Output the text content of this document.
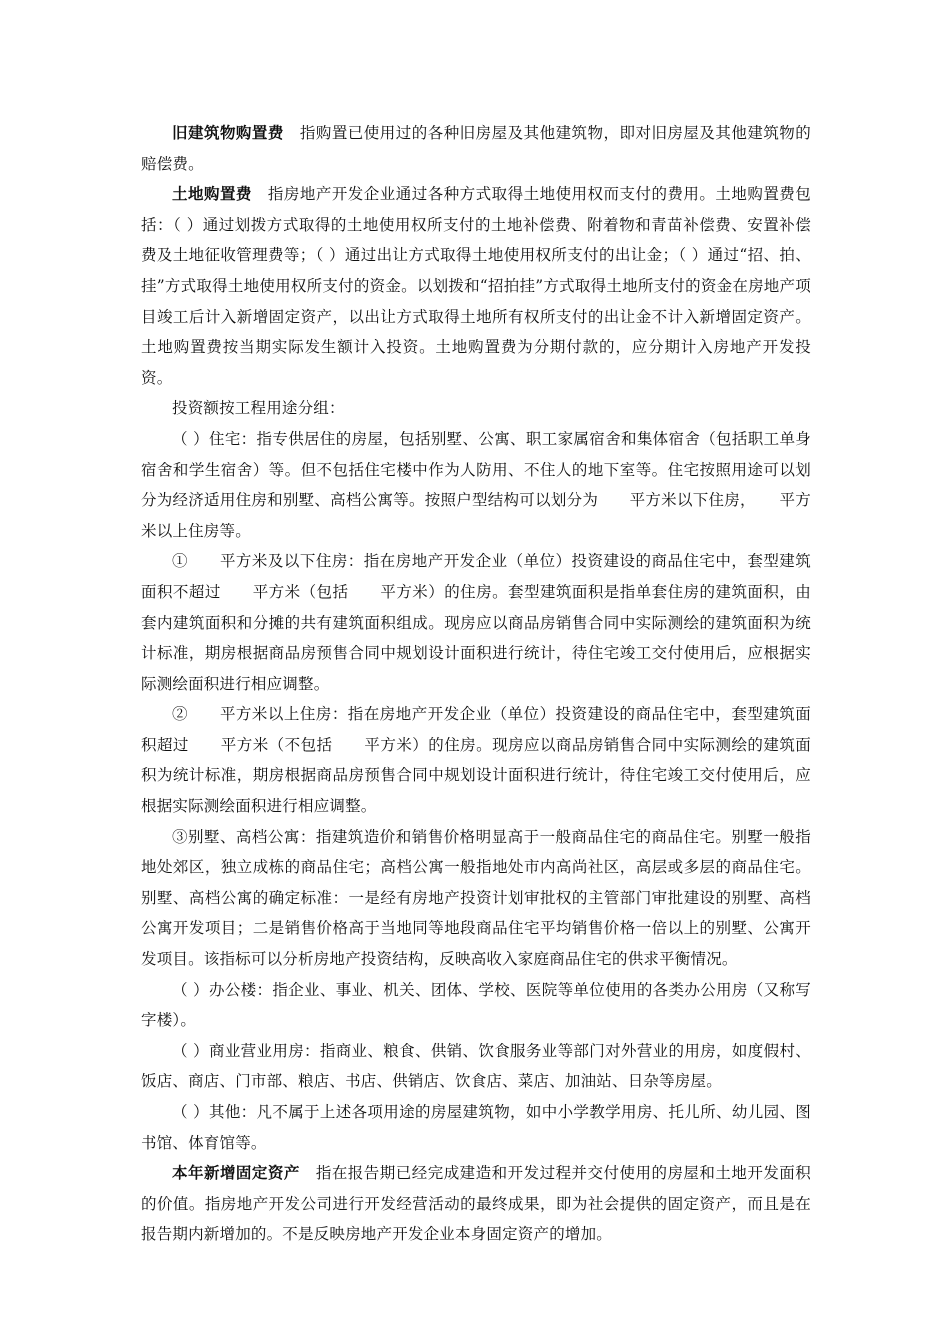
旧建筑物购置费　指购置已使用过的各种旧房屋及其他建筑物，即对旧房屋及其他建筑物的赔偿费。

土地购置费　指房地产开发企业通过各种方式取得土地使用权而支付的费用。土地购置费包括：（ ）通过划拨方式取得的土地使用权所支付的土地补偿费、附着物和青苗补偿费、安置补偿费及土地征收管理费等；（ ）通过出让方式取得土地使用权所支付的出让金；（ ）通过“招、拍、挂”方式取得土地使用权所支付的资金。以划拨和“招拍挂”方式取得土地所支付的资金在房地产项目竣工后计入新增固定资产，以出让方式取得土地所有权所支付的出让金不计入新增固定资产。土地购置费按当期实际发生额计入投资。土地购置费为分期付款的，应分期计入房地产开发投资。

投资额按工程用途分组：

（ ）住宅：指专供居住的房屋，包括别墅、公寓、职工家属宿舍和集体宿舍（包括职工单身宿舍和学生宿舍）等。但不包括住宅楼中作为人防用、不住人的地下室等。住宅按照用途可以划分为经济适用住房和别墅、高档公寓等。按照户型结构可以划分为　　平方米以下住房，　　平方米以上住房等。

①　　平方米及以下住房：指在房地产开发企业（单位）投资建设的商品住宅中，套型建筑面积不超过　　平方米（包括　　平方米）的住房。套型建筑面积是指单套住房的建筑面积，由套内建筑面积和分摊的共有建筑面积组成。现房应以商品房销售合同中实际测绘的建筑面积为统计标准，期房根据商品房预售合同中规划设计面积进行统计，待住宅竣工交付使用后，应根据实际测绘面积进行相应调整。

②　　平方米以上住房：指在房地产开发企业（单位）投资建设的商品住宅中，套型建筑面积超过　　平方米（不包括　　平方米）的住房。现房应以商品房销售合同中实际测绘的建筑面积为统计标准，期房根据商品房预售合同中规划设计面积进行统计，待住宅竣工交付使用后，应根据实际测绘面积进行相应调整。

③别墅、高档公寓：指建筑造价和销售价格明显高于一般商品住宅的商品住宅。别墅一般指地处郊区，独立成栋的商品住宅；高档公寓一般指地处市内高尚社区，高层或多层的商品住宅。别墅、高档公寓的确定标准：一是经有房地产投资计划审批权的主管部门审批建设的别墅、高档公寓开发项目；二是销售价格高于当地同等地段商品住宅平均销售价格一倍以上的别墅、公寓开发项目。该指标可以分析房地产投资结构，反映高收入家庭商品住宅的供求平衡情况。

（ ）办公楼：指企业、事业、机关、团体、学校、医院等单位使用的各类办公用房（又称写字楼）。

（ ）商业营业用房：指商业、粮食、供销、饮食服务业等部门对外营业的用房，如度假村、饭店、商店、门市部、粮店、书店、供销店、饮食店、菜店、加油站、日杂等房屋。

（ ）其他：凡不属于上述各项用途的房屋建筑物，如中小学教学用房、托儿所、幼儿园、图书馆、体育馆等。

本年新增固定资产　指在报告期已经完成建造和开发过程并交付使用的房屋和土地开发面积的价值。指房地产开发公司进行开发经营活动的最终成果，即为社会提供的固定资产，而且是在报告期内新增加的。不是反映房地产开发企业本身固定资产的增加。
